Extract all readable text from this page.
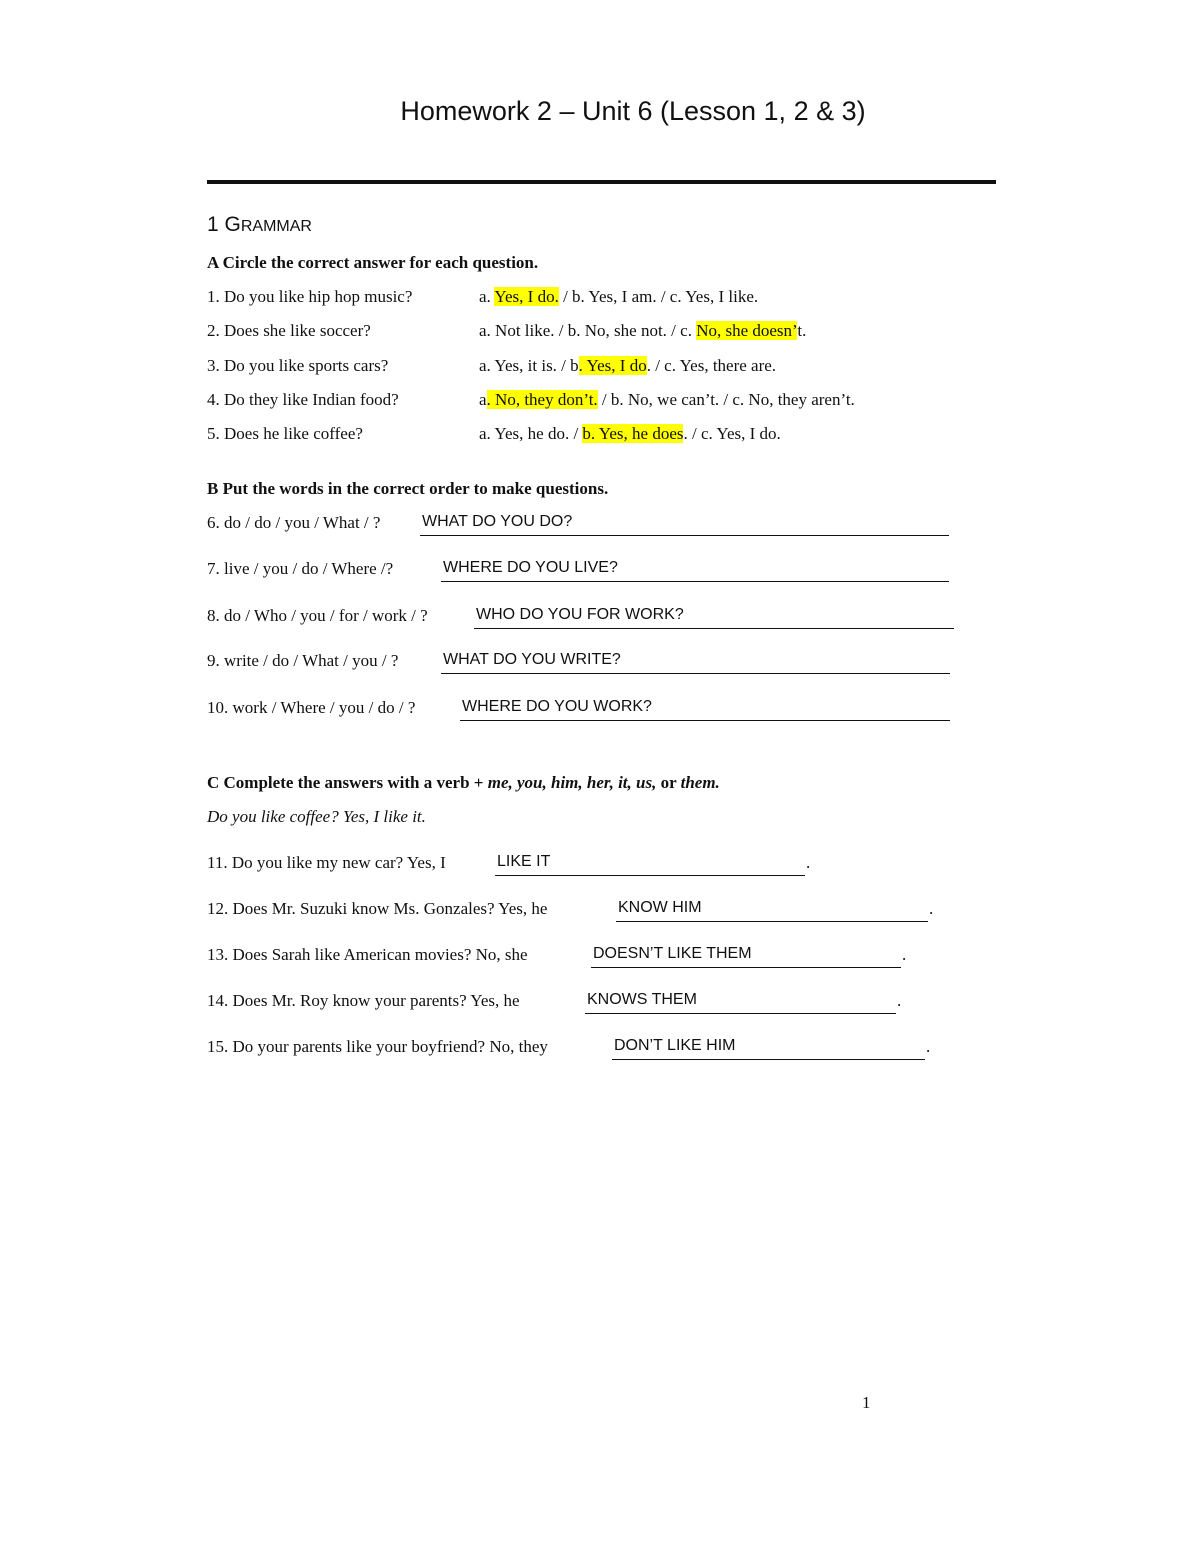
Homework 2 – Unit 6 (Lesson 1, 2 & 3)
1 GRAMMAR
A Circle the correct answer for each question.
1. Do you like hip hop music?	a. Yes, I do. / b. Yes, I am. / c. Yes, I like.
2. Does she like soccer?	a. Not like. / b. No, she not. / c. No, she doesn’t.
3. Do you like sports cars?	a. Yes, it is. / b. Yes, I do. / c. Yes, there are.
4. Do they like Indian food?	a. No, they don’t. / b. No, we can’t. / c. No, they aren’t.
5. Does he like coffee?	a. Yes, he do. / b. Yes, he does. / c. Yes, I do.
B Put the words in the correct order to make questions.
6. do / do / you / What / ?	WHAT DO YOU DO?
7. live / you / do / Where /?	WHERE DO YOU LIVE?
8. do / Who / you / for / work / ?	WHO DO YOU FOR WORK?
9. write / do / What / you / ?	WHAT DO YOU WRITE?
10. work / Where / you / do / ?	WHERE DO YOU WORK?
C Complete the answers with a verb + me, you, him, her, it, us, or them.
Do you like coffee? Yes, I like it.
11. Do you like my new car? Yes, I	LIKE IT	.
12. Does Mr. Suzuki know Ms. Gonzales? Yes, he	KNOW HIM	.
13. Does Sarah like American movies? No, she	DOESN’T LIKE THEM	.
14. Does Mr. Roy know your parents? Yes, he	KNOWS THEM	.
15. Do your parents like your boyfriend? No, they	DON’T LIKE HIM	.
1
